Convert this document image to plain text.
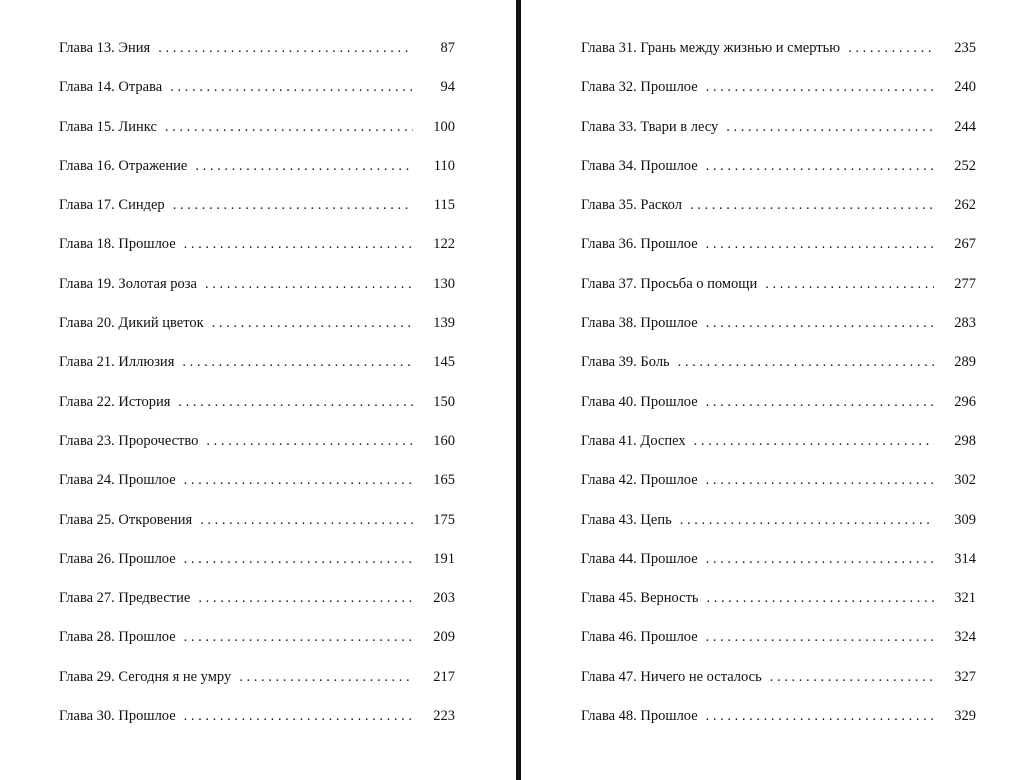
Глава 13. Эния . . .	87
Глава 14. Отрава . . .	94
Глава 15. Линкс . . .	100
Глава 16. Отражение . . .	110
Глава 17. Синдер . . .	115
Глава 18. Прошлое . . .	122
Глава 19. Золотая роза . . .	130
Глава 20. Дикий цветок . . .	139
Глава 21. Иллюзия . . .	145
Глава 22. История . . .	150
Глава 23. Пророчество . . .	160
Глава 24. Прошлое . . .	165
Глава 25. Откровения . . .	175
Глава 26. Прошлое . . .	191
Глава 27. Предвестие . . .	203
Глава 28. Прошлое . . .	209
Глава 29. Сегодня я не умру . . .	217
Глава 30. Прошлое . . .	223
Глава 31. Грань между жизнью и смертью . . .	235
Глава 32. Прошлое . . .	240
Глава 33. Твари в лесу . . .	244
Глава 34. Прошлое . . .	252
Глава 35. Раскол . . .	262
Глава 36. Прошлое . . .	267
Глава 37. Просьба о помощи . . .	277
Глава 38. Прошлое . . .	283
Глава 39. Боль . . .	289
Глава 40. Прошлое . . .	296
Глава 41. Доспех . . .	298
Глава 42. Прошлое . . .	302
Глава 43. Цепь . . .	309
Глава 44. Прошлое . . .	314
Глава 45. Верность . . .	321
Глава 46. Прошлое . . .	324
Глава 47. Ничего не осталось . . .	327
Глава 48. Прошлое . . .	329
